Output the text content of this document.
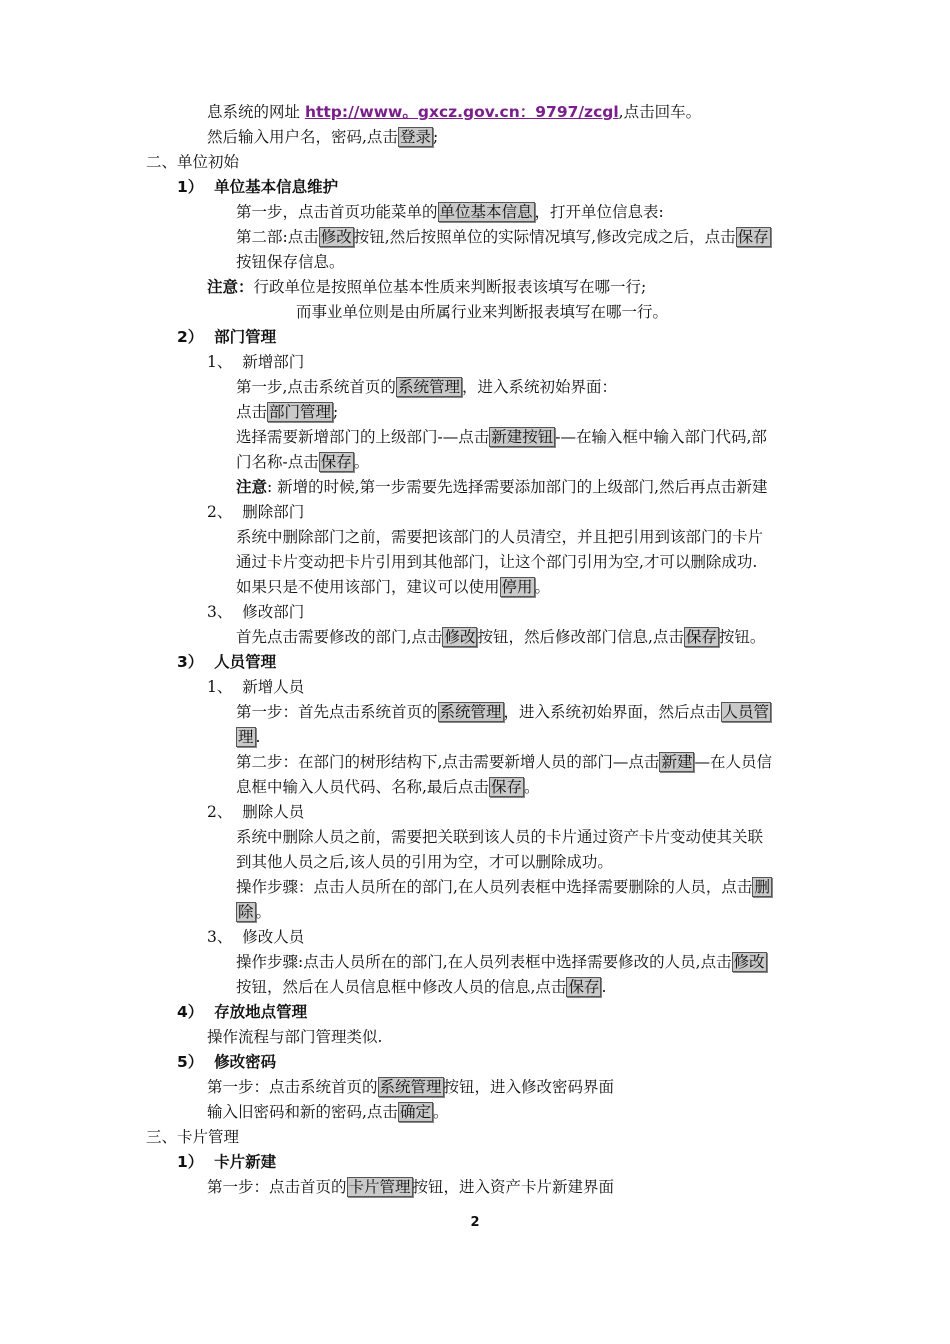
息系统的网址 http://www。gxcz.gov.cn：9797/zcgl,点击回车。
然后输入用户名，密码,点击 登录 ;
二、单位初始
1） 单位基本信息维护
第一步，点击首页功能菜单的 单位基本信息 ，打开单位信息表:
第二部:点击 修改 按钮,然后按照单位的实际情况填写,修改完成之后，点击 保存
按钮保存信息。
注意：行政单位是按照单位基本性质来判断报表该填写在哪一行;
而事业单位则是由所属行业来判断报表填写在哪一行。
2） 部门管理
1、 新增部门
第一步,点击系统首页的 系统管理 ，进入系统初始界面：
点击 部门管理 ;
选择需要新增部门的上级部门-—点击 新建按钮 -—在输入框中输入部门代码,部
门名称-点击 保存 。
注意: 新增的时候,第一步需要先选择需要添加部门的上级部门,然后再点击新建
2、 删除部门
系统中删除部门之前，需要把该部门的人员清空，并且把引用到该部门的卡片
通过卡片变动把卡片引用到其他部门，让这个部门引用为空,才可以删除成功.
如果只是不使用该部门，建议可以使用 停用 。
3、 修改部门
首先点击需要修改的部门,点击 修改 按钮，然后修改部门信息,点击 保存 按钮。
3） 人员管理
1、 新增人员
第一步：首先点击系统首页的 系统管理 ，进入系统初始界面，然后点击 人员管
理 .
第二步：在部门的树形结构下,点击需要新增人员的部门—点击 新建 —在人员信
息框中输入人员代码、名称,最后点击 保存 。
2、 删除人员
系统中删除人员之前，需要把关联到该人员的卡片通过资产卡片变动使其关联
到其他人员之后,该人员的引用为空，才可以删除成功。
操作步骤：点击人员所在的部门,在人员列表框中选择需要删除的人员，点击 删
除 。
3、 修改人员
操作步骤:点击人员所在的部门,在人员列表框中选择需要修改的人员,点击 修改
按钮，然后在人员信息框中修改人员的信息,点击 保存 .
4） 存放地点管理
操作流程与部门管理类似.
5） 修改密码
第一步：点击系统首页的 系统管理 按钮，进入修改密码界面
输入旧密码和新的密码,点击 确定 。
三、卡片管理
1） 卡片新建
第一步：点击首页的 卡片管理 按钮，进入资产卡片新建界面
2
